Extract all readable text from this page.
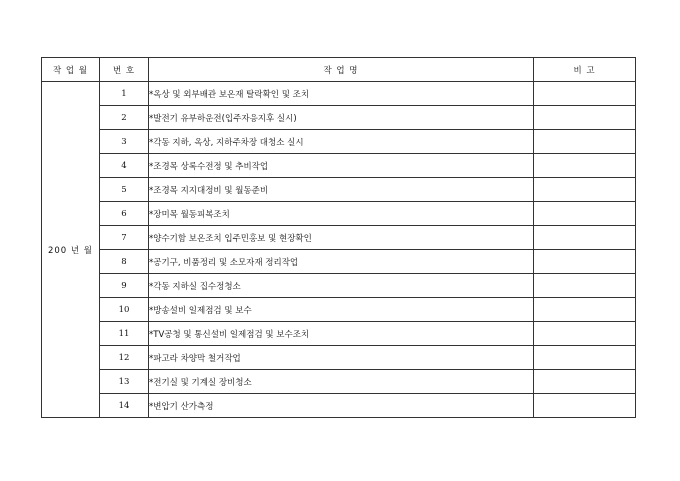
작 업 월	번 호	작 업 명	비 고
200 년 월	1	*옥상 및 외부배관 보온재 탈락확인 및 조치	
	2	*발전기 유부하운전(입주자응지후 실시)	
	3	*각동 지하, 옥상, 지하주차장 대청소 실시	
	4	*조경목 상록수전정 및 추비작업	
	5	*조경목 지지대정비 및 월동준비	
	6	*장미목 월동피복조치	
	7	*양수기함 보온조치 입주민홍보 및 현장확인	
	8	*공기구, 비품정리 및 소모자재 정리작업	
	9	*각동 지하실 집수정청소	
	10	*방송설비 일제점검 및 보수	
	11	*TV공청 및 통신설비 일제점검 및 보수조치	
	12	*파고라 차양막 철거작업	
	13	*전기실 및 기계실 장비청소	
	14	*변압기 산가측정	
